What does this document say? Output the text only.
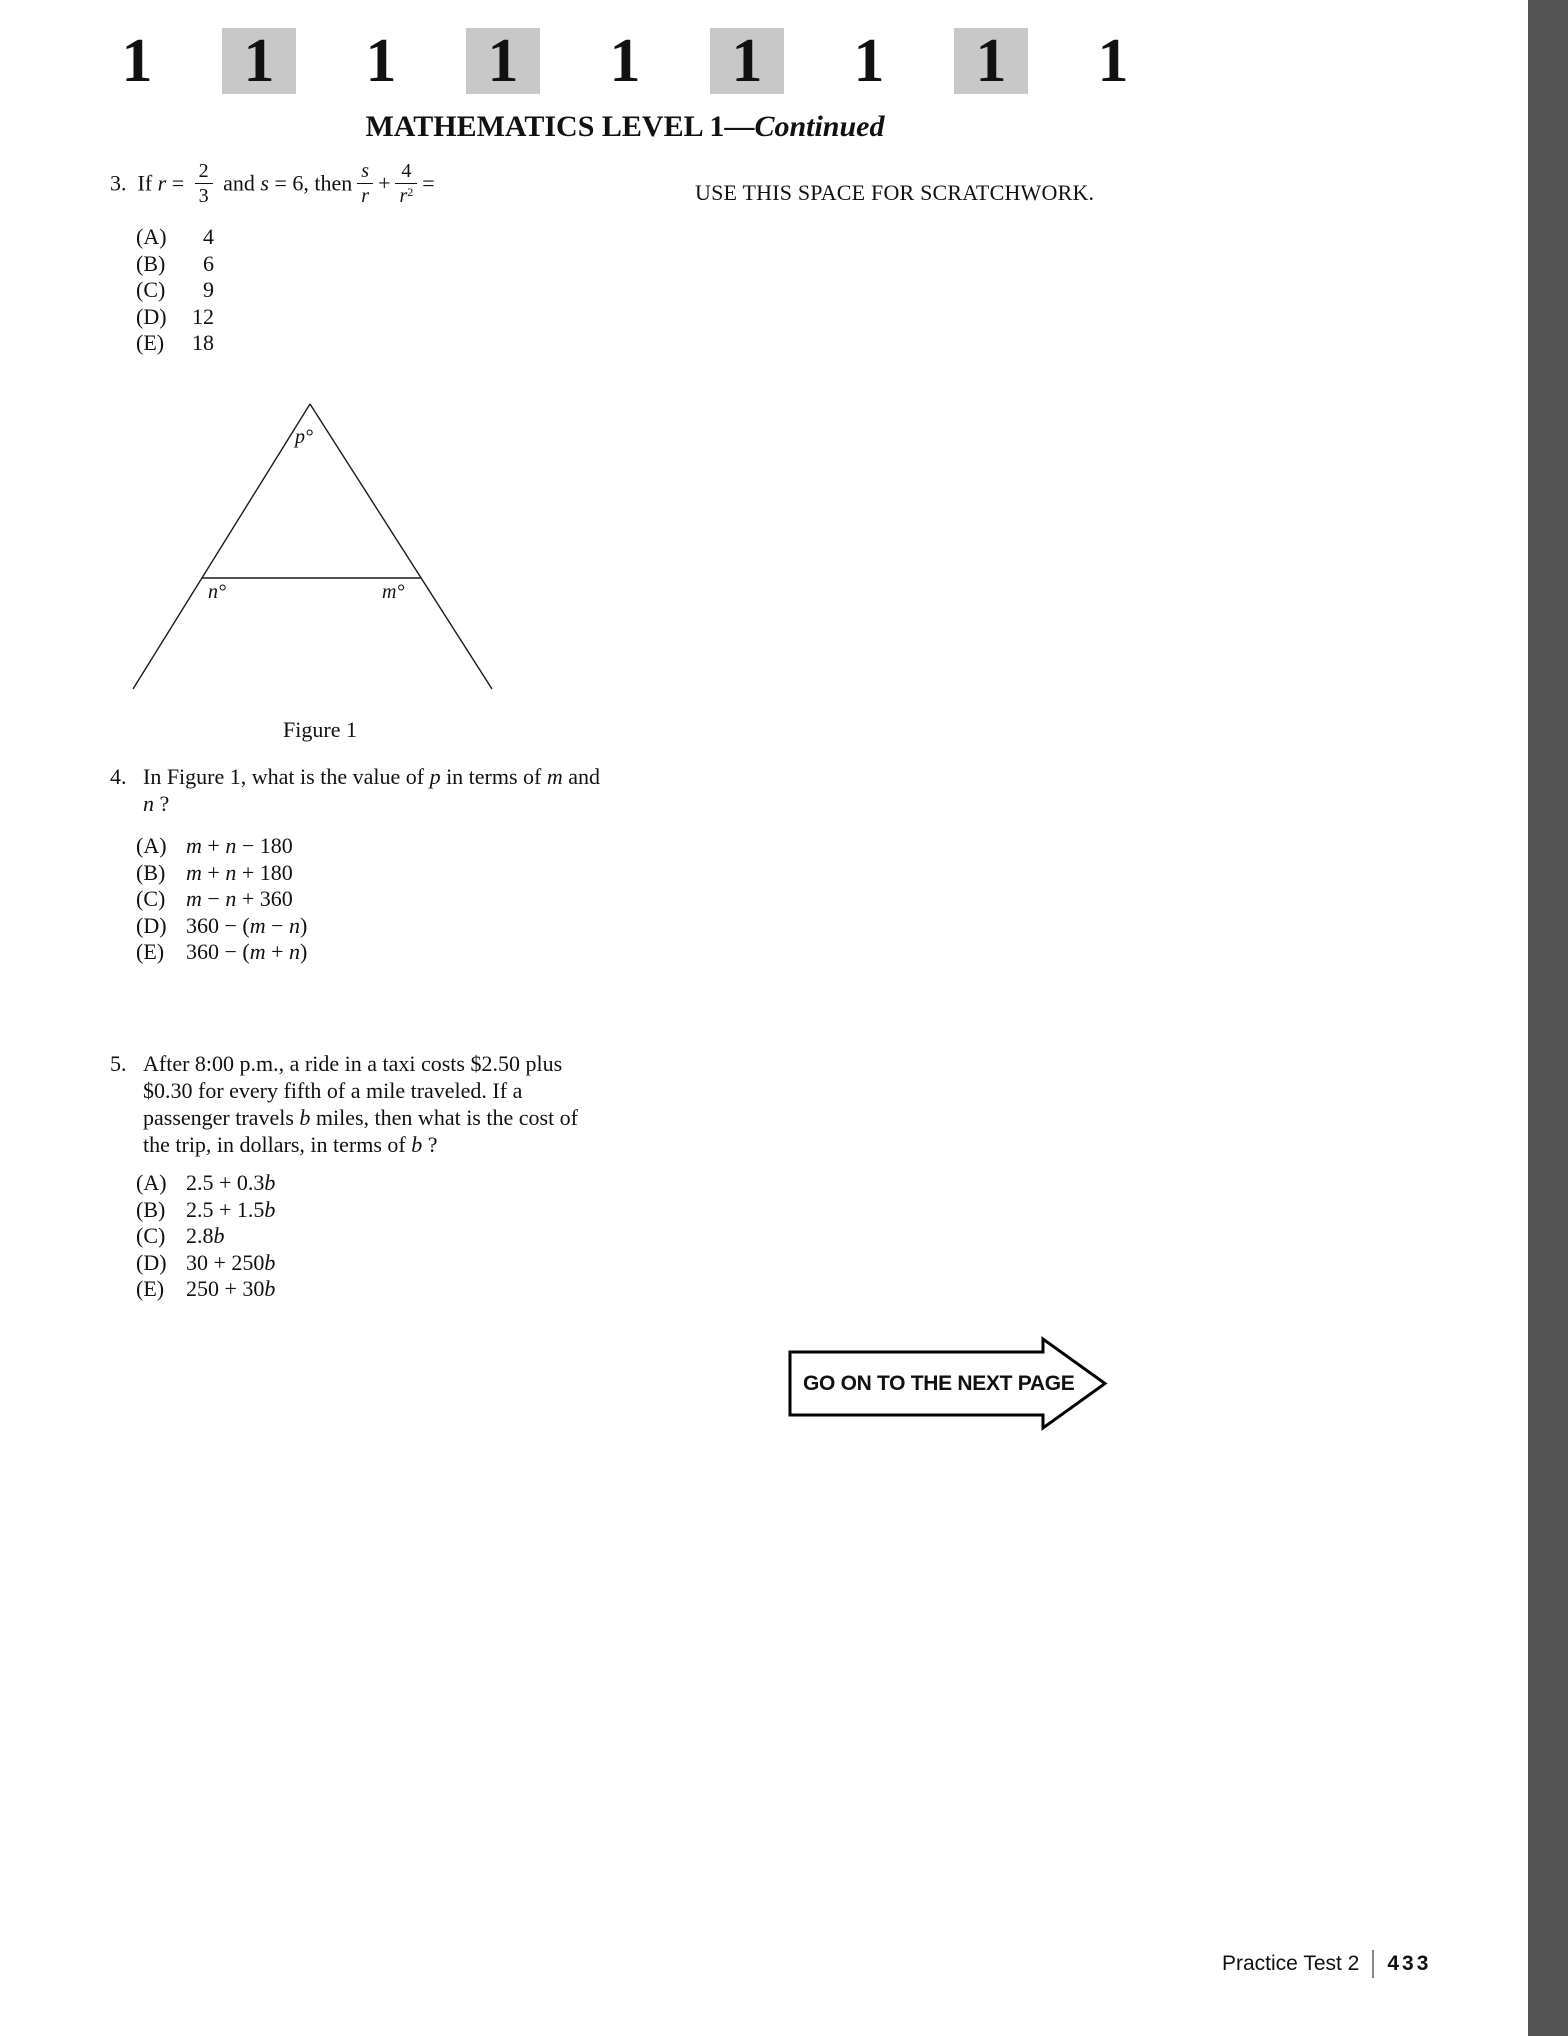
1	1	1	1	1	1	1	1	1
MATHEMATICS LEVEL 1—Continued
USE THIS SPACE FOR SCRATCHWORK.
3. If $r = \frac{2}{3}$ and s = 6, then $\frac{s}{r} + \frac{4}{r^2}$ =
(A)	4
(B)	6
(C)	9
(D)	12
(E)	18
p°
n°	m°
Figure 1
4. In Figure 1, what is the value of p in terms of m and n ?
(A) m + n − 180
(B) m + n + 180
(C) m − n + 360
(D) 360 − (m − n)
(E) 360 − (m + n)
5. After 8:00 p.m., a ride in a taxi costs $2.50 plus $0.30 for every fifth of a mile traveled. If a passenger travels b miles, then what is the cost of the trip, in dollars, in terms of b ?
(A) 2.5 + 0.3b
(B) 2.5 + 1.5b
(C) 2.8b
(D) 30 + 250b
(E) 250 + 30b
GO ON TO THE NEXT PAGE
Practice Test 2 433
